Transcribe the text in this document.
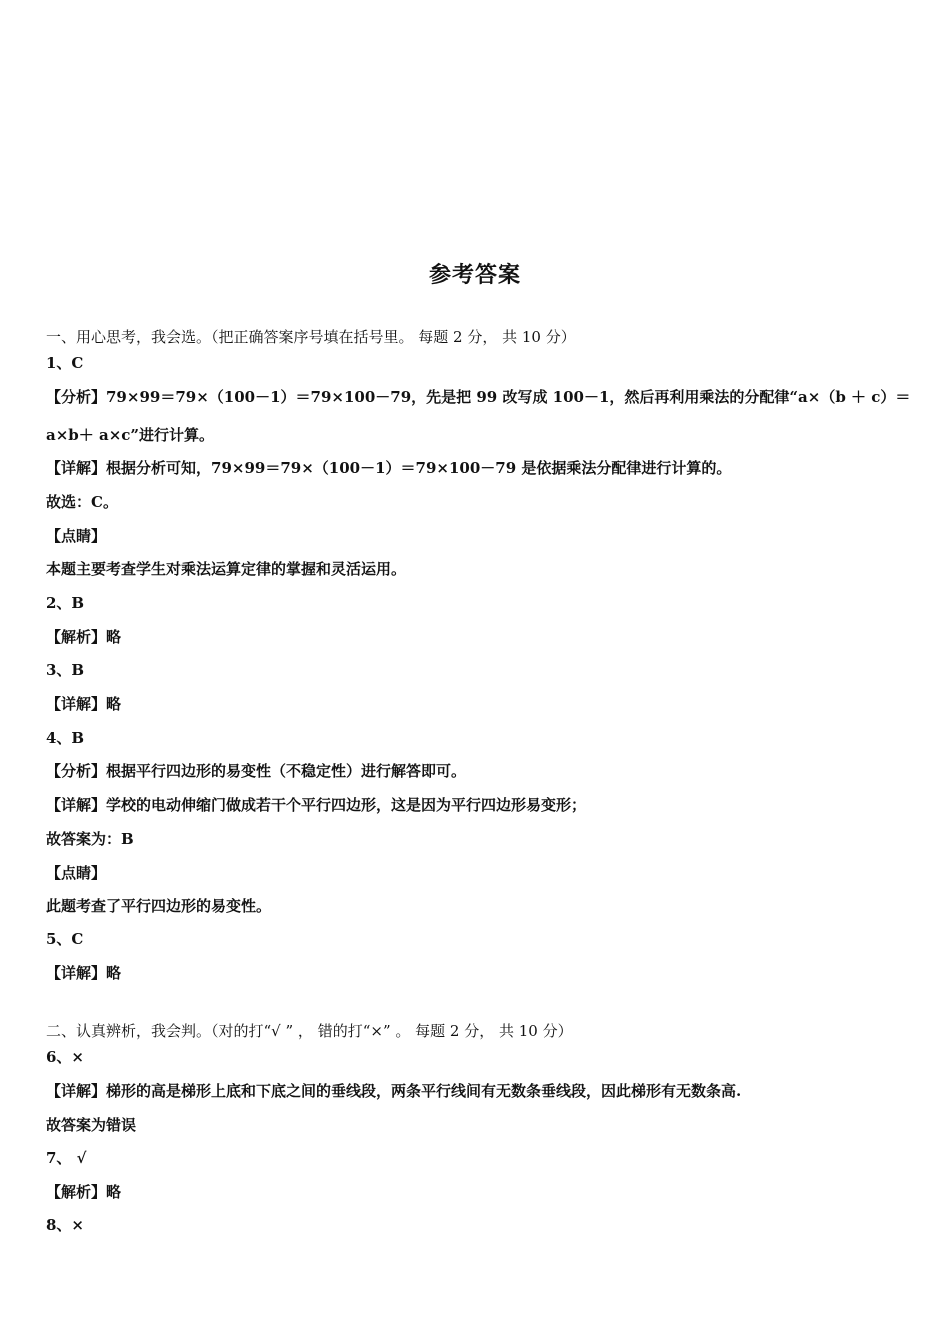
参考答案
一、用心思考，我会选。（把正确答案序号填在括号里。 每题 2 分， 共 10 分）
1、C
【分析】79×99＝79×（100－1）＝79×100－79，先是把 99 改写成 100－1，然后再利用乘法的分配律“a×（b ＋ c）＝
a×b＋ a×c”进行计算。
【详解】根据分析可知，79×99＝79×（100－1）＝79×100－79 是依据乘法分配律进行计算的。
故选：C。
【点睛】
本题主要考查学生对乘法运算定律的掌握和灵活运用。
2、B
【解析】略
3、B
【详解】略
4、B
【分析】根据平行四边形的易变性（不稳定性）进行解答即可。
【详解】学校的电动伸缩门做成若干个平行四边形，这是因为平行四边形易变形；
故答案为：B
【点睛】
此题考查了平行四边形的易变性。
5、C
【详解】略
二、认真辨析，我会判。（对的打“√ ” ， 错的打“×” 。 每题 2 分， 共 10 分）
6、×
【详解】梯形的高是梯形上底和下底之间的垂线段，两条平行线间有无数条垂线段，因此梯形有无数条高.
故答案为错误
7、 √
【解析】略
8、×
